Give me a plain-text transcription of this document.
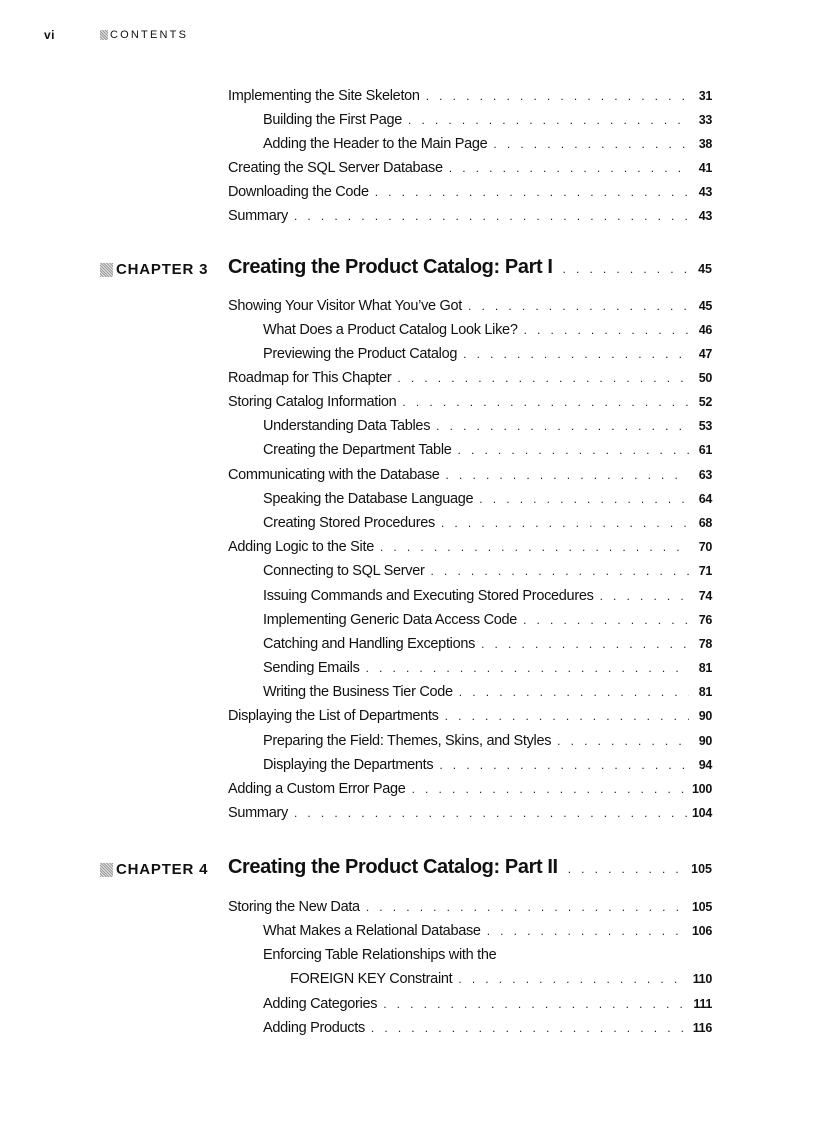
vi	CONTENTS
Implementing the Site Skeleton . . .	31
Building the First Page . . .	33
Adding the Header to the Main Page . . .	38
Creating the SQL Server Database . . .	41
Downloading the Code . . .	43
Summary . . .	43
CHAPTER 3 Creating the Product Catalog: Part I . . .	45
Showing Your Visitor What You’ve Got . . .	45
What Does a Product Catalog Look Like? . . .	46
Previewing the Product Catalog . . .	47
Roadmap for This Chapter . . .	50
Storing Catalog Information . . .	52
Understanding Data Tables . . .	53
Creating the Department Table . . .	61
Communicating with the Database . . .	63
Speaking the Database Language . . .	64
Creating Stored Procedures . . .	68
Adding Logic to the Site . . .	70
Connecting to SQL Server . . .	71
Issuing Commands and Executing Stored Procedures . . .	74
Implementing Generic Data Access Code . . .	76
Catching and Handling Exceptions . . .	78
Sending Emails . . .	81
Writing the Business Tier Code . . .	81
Displaying the List of Departments . . .	90
Preparing the Field: Themes, Skins, and Styles . . .	90
Displaying the Departments . . .	94
Adding a Custom Error Page . . .	100
Summary . . .	104
CHAPTER 4 Creating the Product Catalog: Part II . . .	105
Storing the New Data . . .	105
What Makes a Relational Database . . .	106
Enforcing Table Relationships with the
FOREIGN KEY Constraint . . .	110
Adding Categories . . .	111
Adding Products . . .	116
